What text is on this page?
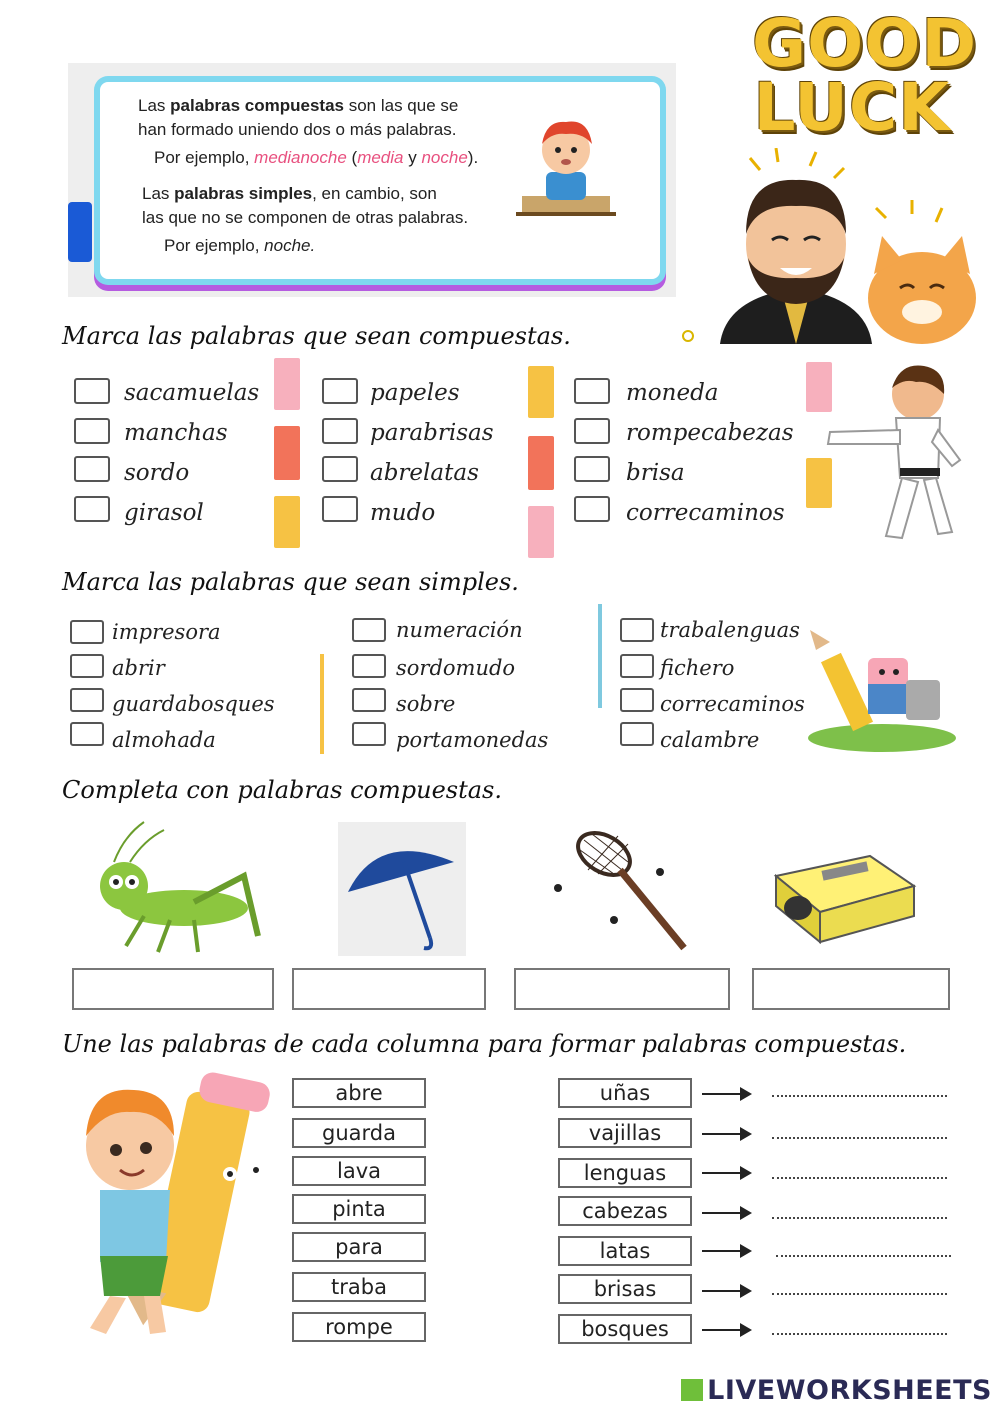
Las palabras compuestas son las que se

han formado uniendo dos o más palabras.

Por ejemplo, medianoche (media y noche).

Las palabras simples, en cambio, son

las que no se componen de otras palabras.

Por ejemplo, noche.

GOOD
LUCK
Marca las palabras que sean compuestas.
sacamuelas
manchas
sordo
girasol
papeles
parabrisas
abrelatas
mudo
moneda
rompecabezas
brisa
correcaminos
Marca las palabras que sean simples.
impresora
abrir
guardabosques
almohada
numeración
sordomudo
sobre
portamonedas
trabalenguas
fichero
correcaminos
calambre
Completa con palabras compuestas.
Une las palabras de cada columna para formar palabras compuestas.
abre
guarda
lava
pinta
para
traba
rompe
uñas
vajillas
lenguas
cabezas
latas
brisas
bosques
LIVEWORKSHEETS
